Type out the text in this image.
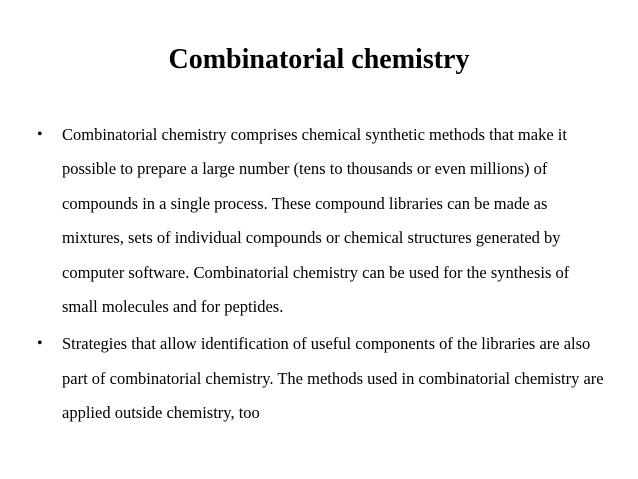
Combinatorial chemistry
• Combinatorial chemistry comprises chemical synthetic methods that make it possible to prepare a large number (tens to thousands or even millions) of compounds in a single process. These compound libraries can be made as mixtures, sets of individual compounds or chemical structures generated by computer software. Combinatorial chemistry can be used for the synthesis of small molecules and for peptides.
• Strategies that allow identification of useful components of the libraries are also part of combinatorial chemistry. The methods used in combinatorial chemistry are applied outside chemistry, too
